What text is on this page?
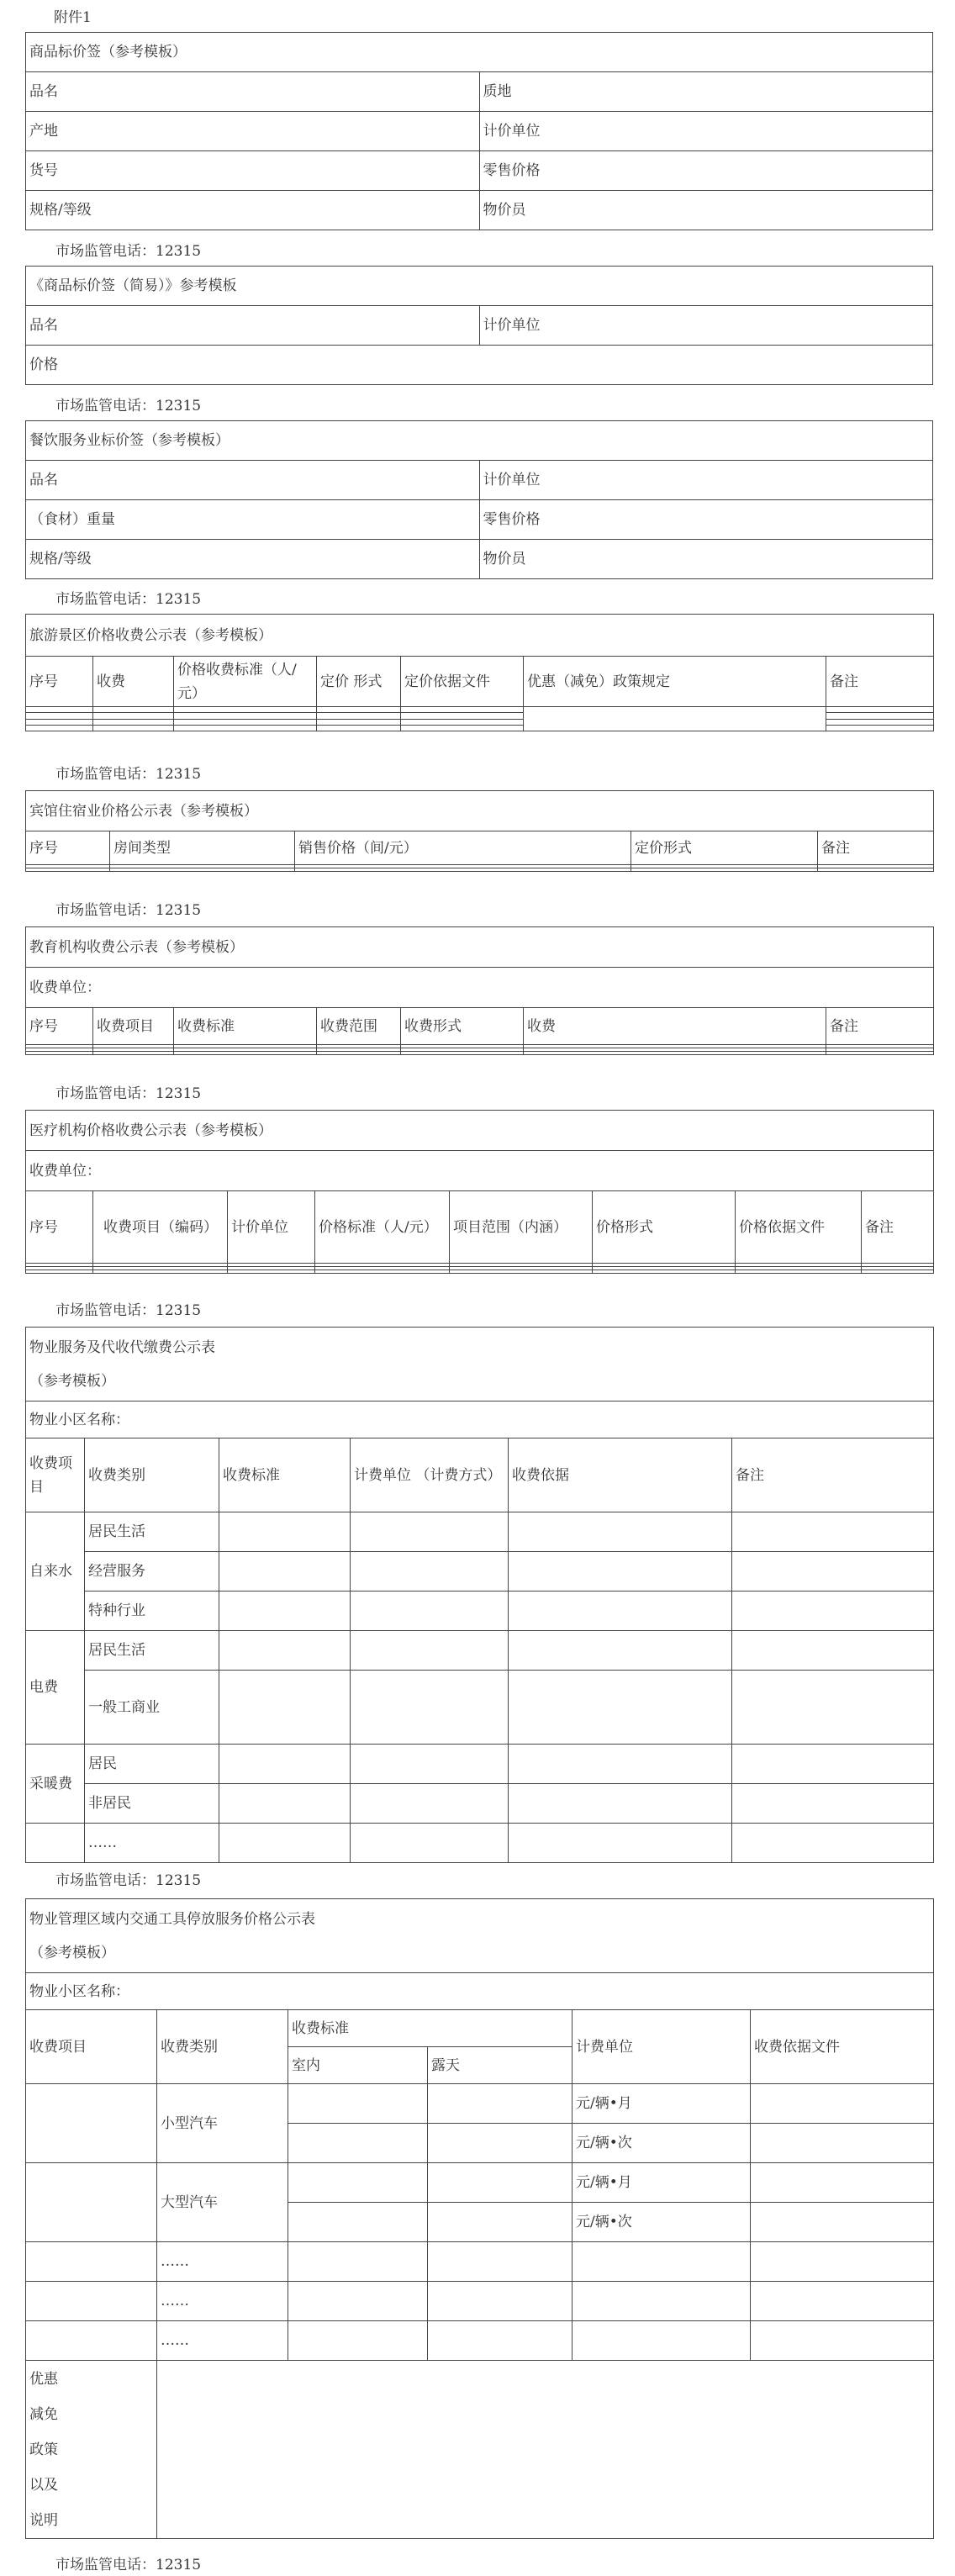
附件1
商品标价签（参考模板）	
品名	质地
产地	计价单位
货号	零售价格
规格/等级	物价员
市场监管电话：12315
《商品标价签（简易）》参考模板
品名	计价单位
价格
市场监管电话：12315
餐饮服务业标价签（参考模板）	
品名	计价单位
（食材）重量	零售价格
规格/等级	物价员
市场监管电话：12315
旅游景区价格收费公示表（参考模板）						
序号	收费	价格收费标准（人/元）	定价 形式	定价依据文件	优惠（减免）政策规定	备注

市场监管电话：12315
宾馆住宿业价格公示表（参考模板）				
序号	房间类型	销售价格（间/元）	定价形式	备注

市场监管电话：12315
教育机构收费公示表（参考模板）						
收费单位：						
序号	收费项目	收费标准	收费范围	收费形式	收费	备注

市场监管电话：12315
医疗机构价格收费公示表（参考模板）							
收费单位：							
序号	收费项目（编码）	计价单位	价格标准（人/元）	项目范围（内涵）	价格形式	价格依据文件	备注

市场监管电话：12315
物业服务及代收代缴费公示表
（参考模板）					

物业小区名称：					
收费项目	收费类别	收费标准	计费单位 （计费方式）	收费依据	备注
自来水	居民生活				
	经营服务				
	特种行业				
电费	居民生活				
	一般工商业				
采暖费	居民				
	非居民				
	……				
市场监管电话：12315
物业管理区域内交通工具停放服务价格公示表
（参考模板）					

物业小区名称：					
收费项目	收费类别	收费标准		计费单位	收费依据文件
		室内	露天		
	小型汽车			元/辆•月	
				元/辆•次	
	大型汽车			元/辆•月	
				元/辆•次	
	……				
	……				
	……				
优惠减免政策以及说明					
市场监管电话：12315
